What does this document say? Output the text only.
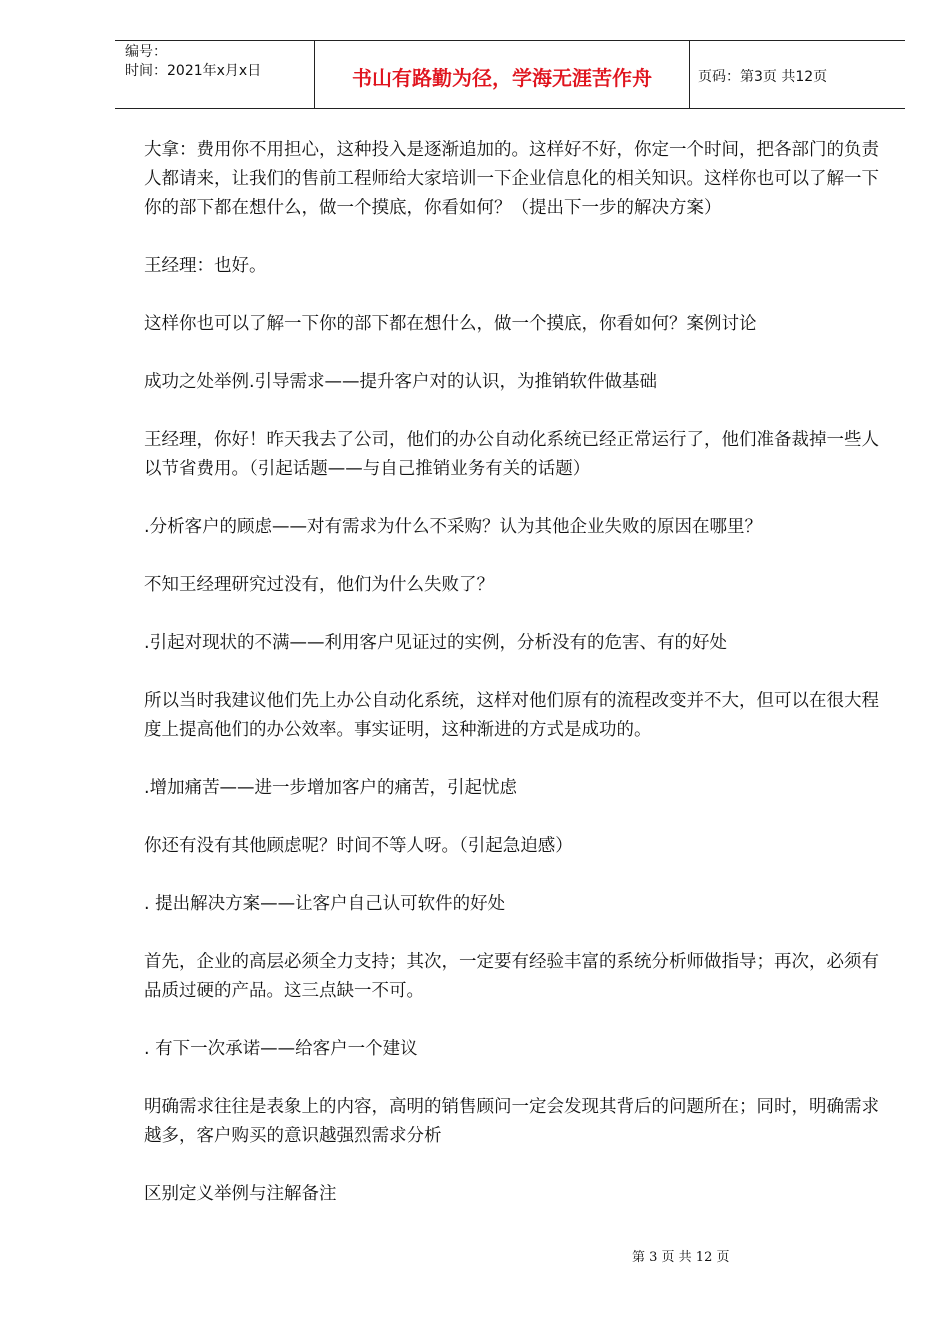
编号：
时间：2021年x月x日	书山有路勤为径，学海无涯苦作舟	页码：第3页 共12页

大拿：费用你不用担心，这种投入是逐渐追加的。这样好不好，你定一个时间，把各部门的负责人都请来，让我们的售前工程师给大家培训一下企业信息化的相关知识。这样你也可以了解一下你的部下都在想什么，做一个摸底，你看如何？（提出下一步的解决方案）

王经理：也好。

这样你也可以了解一下你的部下都在想什么，做一个摸底，你看如何？案例讨论

成功之处举例.引导需求——提升客户对的认识，为推销软件做基础

王经理，你好！昨天我去了公司，他们的办公自动化系统已经正常运行了，他们准备裁掉一些人以节省费用。（引起话题——与自己推销业务有关的话题）

.分析客户的顾虑——对有需求为什么不采购？认为其他企业失败的原因在哪里？

不知王经理研究过没有，他们为什么失败了？

.引起对现状的不满——利用客户见证过的实例，分析没有的危害、有的好处

所以当时我建议他们先上办公自动化系统，这样对他们原有的流程改变并不大，但可以在很大程度上提高他们的办公效率。事实证明，这种渐进的方式是成功的。

.增加痛苦——进一步增加客户的痛苦，引起忧虑

你还有没有其他顾虑呢？时间不等人呀。（引起急迫感）

. 提出解决方案——让客户自己认可软件的好处

首先，企业的高层必须全力支持；其次，一定要有经验丰富的系统分析师做指导；再次，必须有品质过硬的产品。这三点缺一不可。

. 有下一次承诺——给客户一个建议

明确需求往往是表象上的内容，高明的销售顾问一定会发现其背后的问题所在；同时，明确需求越多，客户购买的意识越强烈需求分析

区别定义举例与注解备注

第 3 页 共 12 页
